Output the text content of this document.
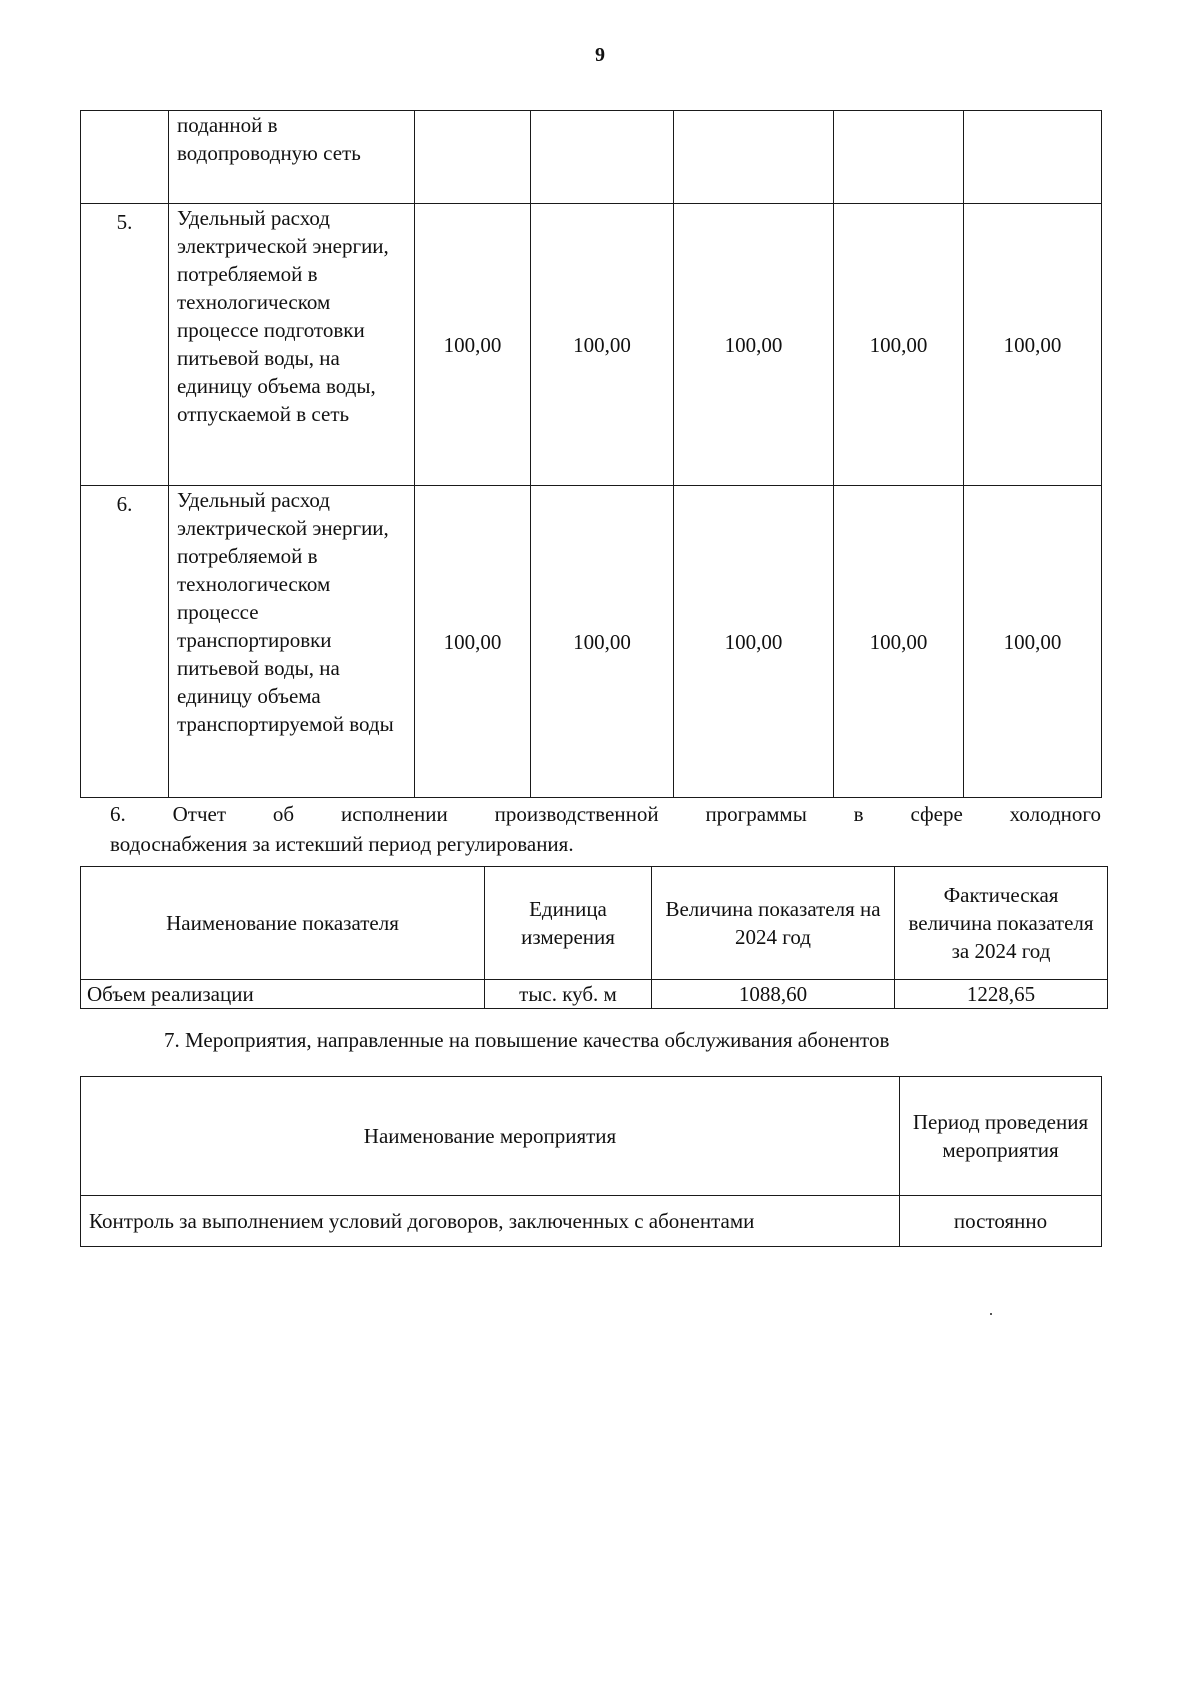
9
	поданной в водопроводную сеть					
5.	Удельный расход электрической энергии, потребляемой в технологическом процессе подготовки питьевой воды, на единицу объема воды, отпускаемой в сеть	100,00	100,00	100,00	100,00	100,00
6.	Удельный расход электрической энергии, потребляемой в технологическом процессе транспортировки питьевой воды, на единицу объема транспортируемой воды	100,00	100,00	100,00	100,00	100,00
6. Отчет об исполнении производственной программы в сфере холодного
водоснабжения за истекший период регулирования.
Наименование показателя	Единица измерения	Величина показателя на 2024 год	Фактическая величина показателя за 2024 год
Объем реализации	тыс. куб. м	1088,60	1228,65
7. Мероприятия, направленные на повышение качества обслуживания абонентов
Наименование мероприятия	Период проведения мероприятия
Контроль за выполнением условий договоров, заключенных с абонентами	постоянно
